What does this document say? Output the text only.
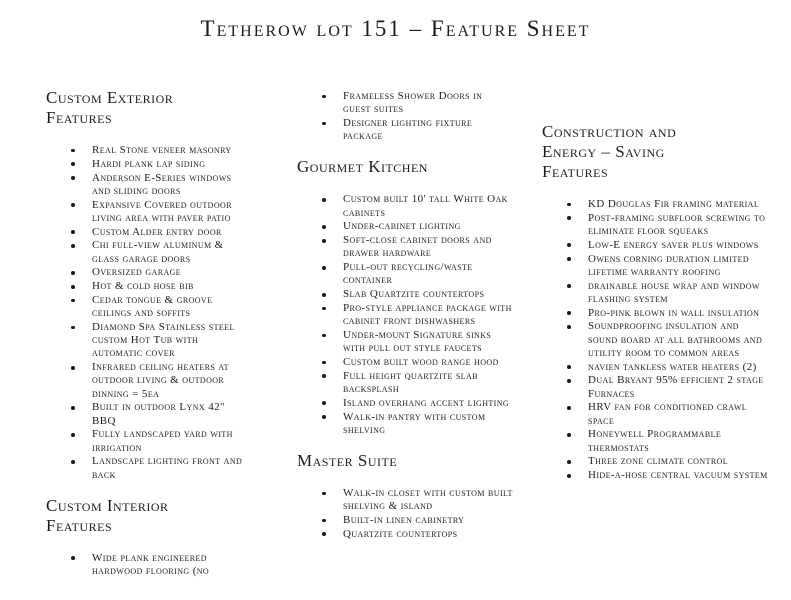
Tetherow lot 151 – Feature Sheet
Custom Exterior Features
Real Stone veneer masonry
Hardi plank lap siding
Anderson E-Series windows and sliding doors
Expansive Covered outdoor living area with paver patio
Custom Alder entry door
Chi full-view aluminum & glass garage doors
Oversized garage
Hot & cold hose bib
Cedar tongue & groove ceilings and soffits
Diamond Spa Stainless steel custom Hot Tub with automatic cover
Infrared ceiling heaters at outdoor living & outdoor dinning = 5ea
Built in outdoor Lynx 42" BBQ
Fully landscaped yard with irrigation
Landscape lighting front and back
Custom Interior Features
Wide plank engineered hardwood flooring (no
Frameless Shower Doors in guest suites
Designer lighting fixture package
Gourmet Kitchen
Custom built 10' tall White Oak cabinets
Under-cabinet lighting
Soft-close cabinet doors and drawer hardware
Pull-out recycling/waste container
Slab Quartzite countertops
Pro-style appliance package with cabinet front dishwashers
Under-mount Signature sinks with pull out style faucets
Custom built wood range hood
Full height quartzite slab backsplash
Island overhang accent lighting
Walk-in pantry with custom shelving
Master Suite
Walk-in closet with custom built shelving & island
Built-in linen cabinetry
Quartzite countertops
Construction and Energy – Saving Features
KD Douglas Fir framing material
Post-framing subfloor screwing to eliminate floor squeaks
Low-E energy saver plus windows
Owens corning duration limited lifetime warranty roofing
drainable house wrap and window flashing system
Pro-pink blown in wall insulation
Soundproofing insulation and sound board at all bathrooms and utility room to common areas
navien tankless water heaters (2)
Dual Bryant 95% efficient 2 stage Furnaces
HRV fan for conditioned crawl space
Honeywell Programmable thermostats
Three zone climate control
Hide-a-hose central vacuum system
